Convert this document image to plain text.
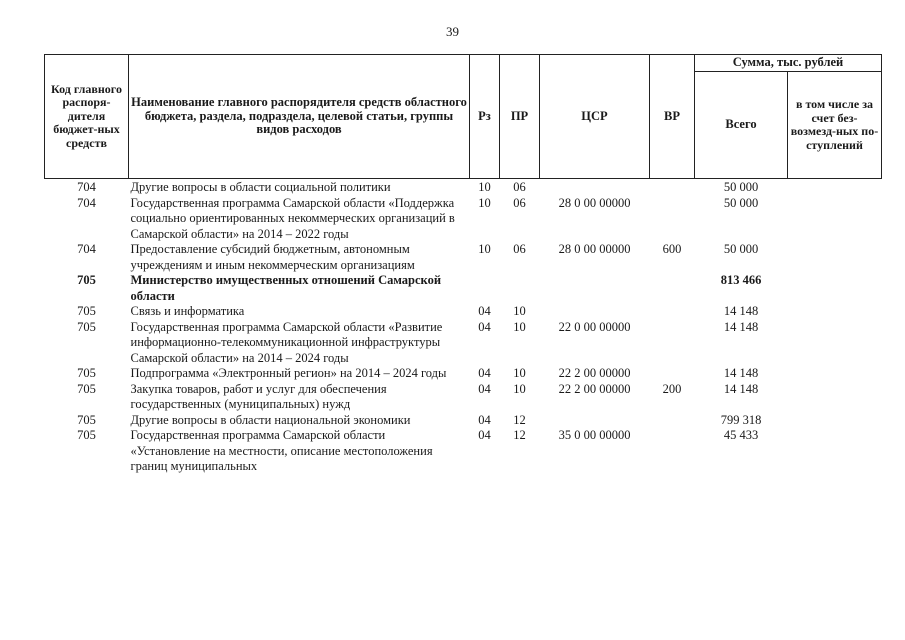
39
Код главного распоря-дителя бюджет-ных средств	Наименование главного распорядителя средств областного бюджета, раздела, подраздела, целевой статьи, группы видов расходов	Рз	ПР	ЦСР	ВР	Сумма, тыс. рублей	
						Всего	в том числе за счет без-возмезд-ных по-ступлений
704	Другие вопросы в области социальной политики	10	06			50 000	
704	Государственная программа Самарской области «Поддержка социально ориентированных некоммерческих организаций в Самарской области» на 2014 – 2022 годы	10	06	28 0 00 00000		50 000	
704	Предоставление субсидий бюджетным, автономным учреждениям и иным некоммерческим организациям	10	06	28 0 00 00000	600	50 000	
705	Министерство имущественных отношений Самарской области					813 466	
705	Связь и информатика	04	10			14 148	
705	Государственная программа Самарской области «Развитие информационно-телекоммуникационной инфраструктуры Самарской области» на 2014 – 2024 годы	04	10	22 0 00 00000		14 148	
705	Подпрограмма «Электронный регион» на 2014 – 2024 годы	04	10	22 2 00 00000		14 148	
705	Закупка товаров, работ и услуг для обеспечения государственных (муниципальных) нужд	04	10	22 2 00 00000	200	14 148	
705	Другие вопросы в области национальной экономики	04	12			799 318	
705	Государственная программа Самарской области «Установление на местности, описание местоположения границ муниципальных	04	12	35 0 00 00000		45 433	
